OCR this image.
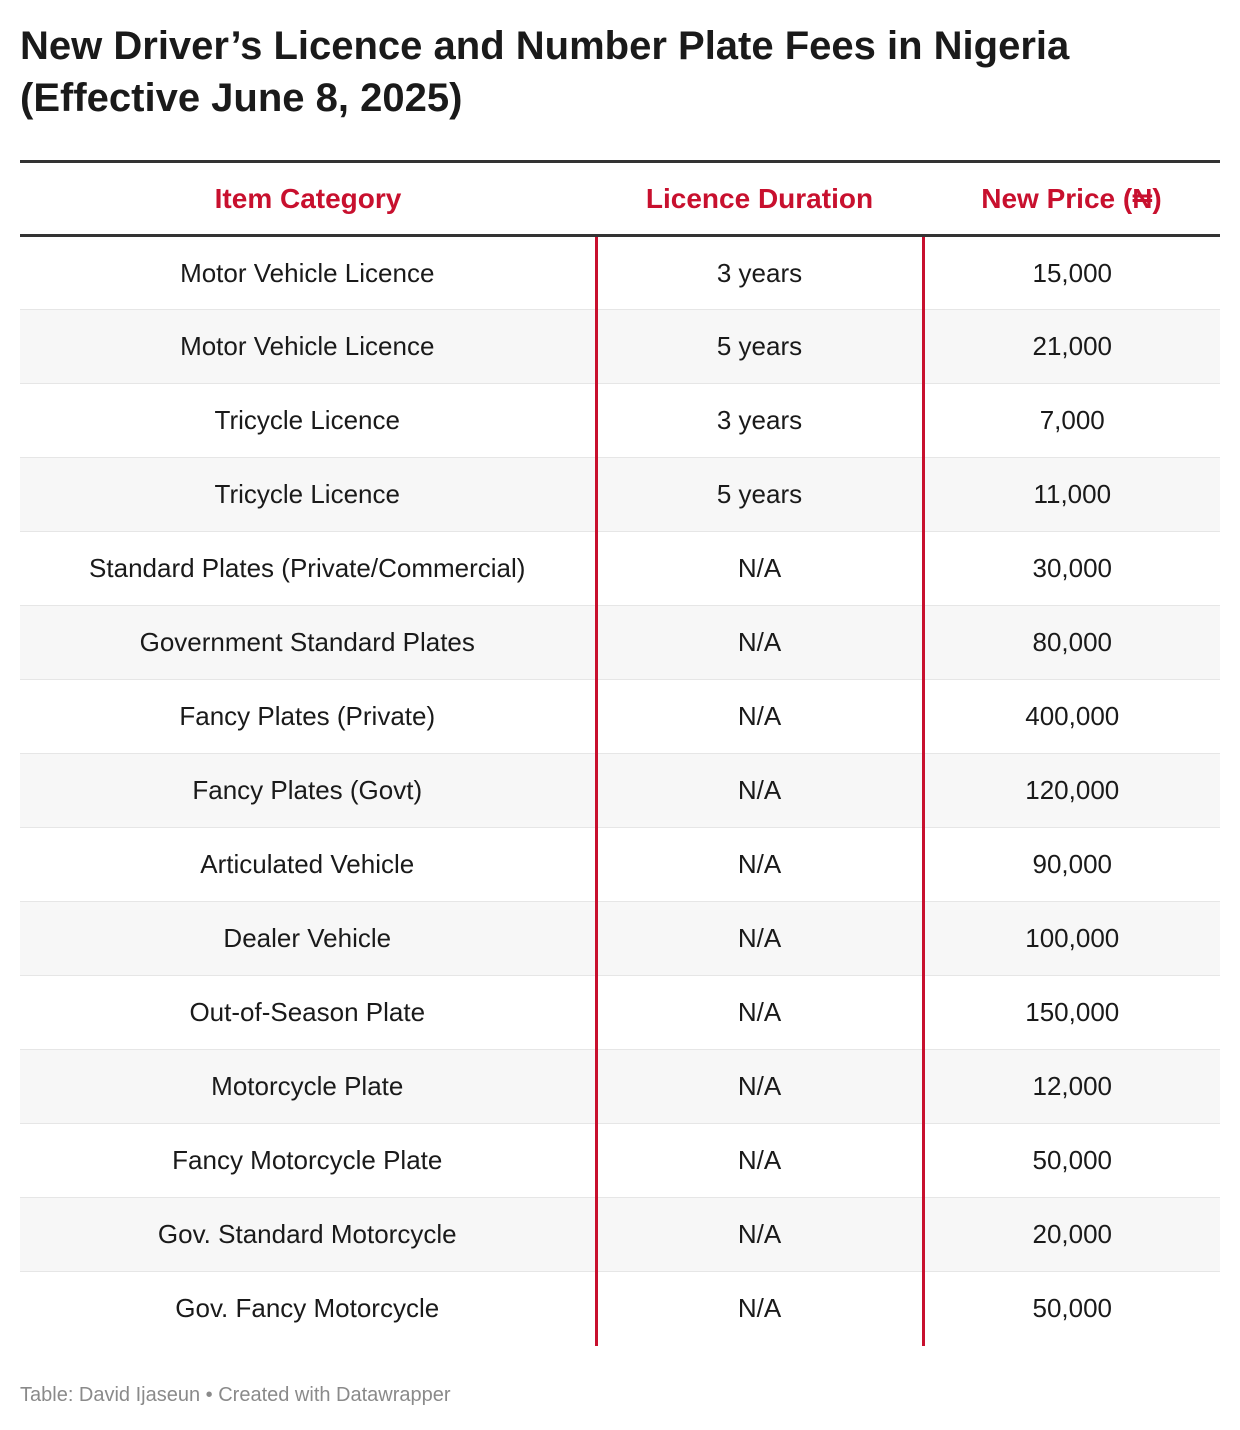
New Driver’s Licence and Number Plate Fees in Nigeria (Effective June 8, 2025)
Item Category	Licence Duration	New Price (₦)
Motor Vehicle Licence	3 years	15,000
Motor Vehicle Licence	5 years	21,000
Tricycle Licence	3 years	7,000
Tricycle Licence	5 years	11,000
Standard Plates (Private/Commercial)	N/A	30,000
Government Standard Plates	N/A	80,000
Fancy Plates (Private)	N/A	400,000
Fancy Plates (Govt)	N/A	120,000
Articulated Vehicle	N/A	90,000
Dealer Vehicle	N/A	100,000
Out-of-Season Plate	N/A	150,000
Motorcycle Plate	N/A	12,000
Fancy Motorcycle Plate	N/A	50,000
Gov. Standard Motorcycle	N/A	20,000
Gov. Fancy Motorcycle	N/A	50,000
Table: David Ijaseun • Created with Datawrapper
